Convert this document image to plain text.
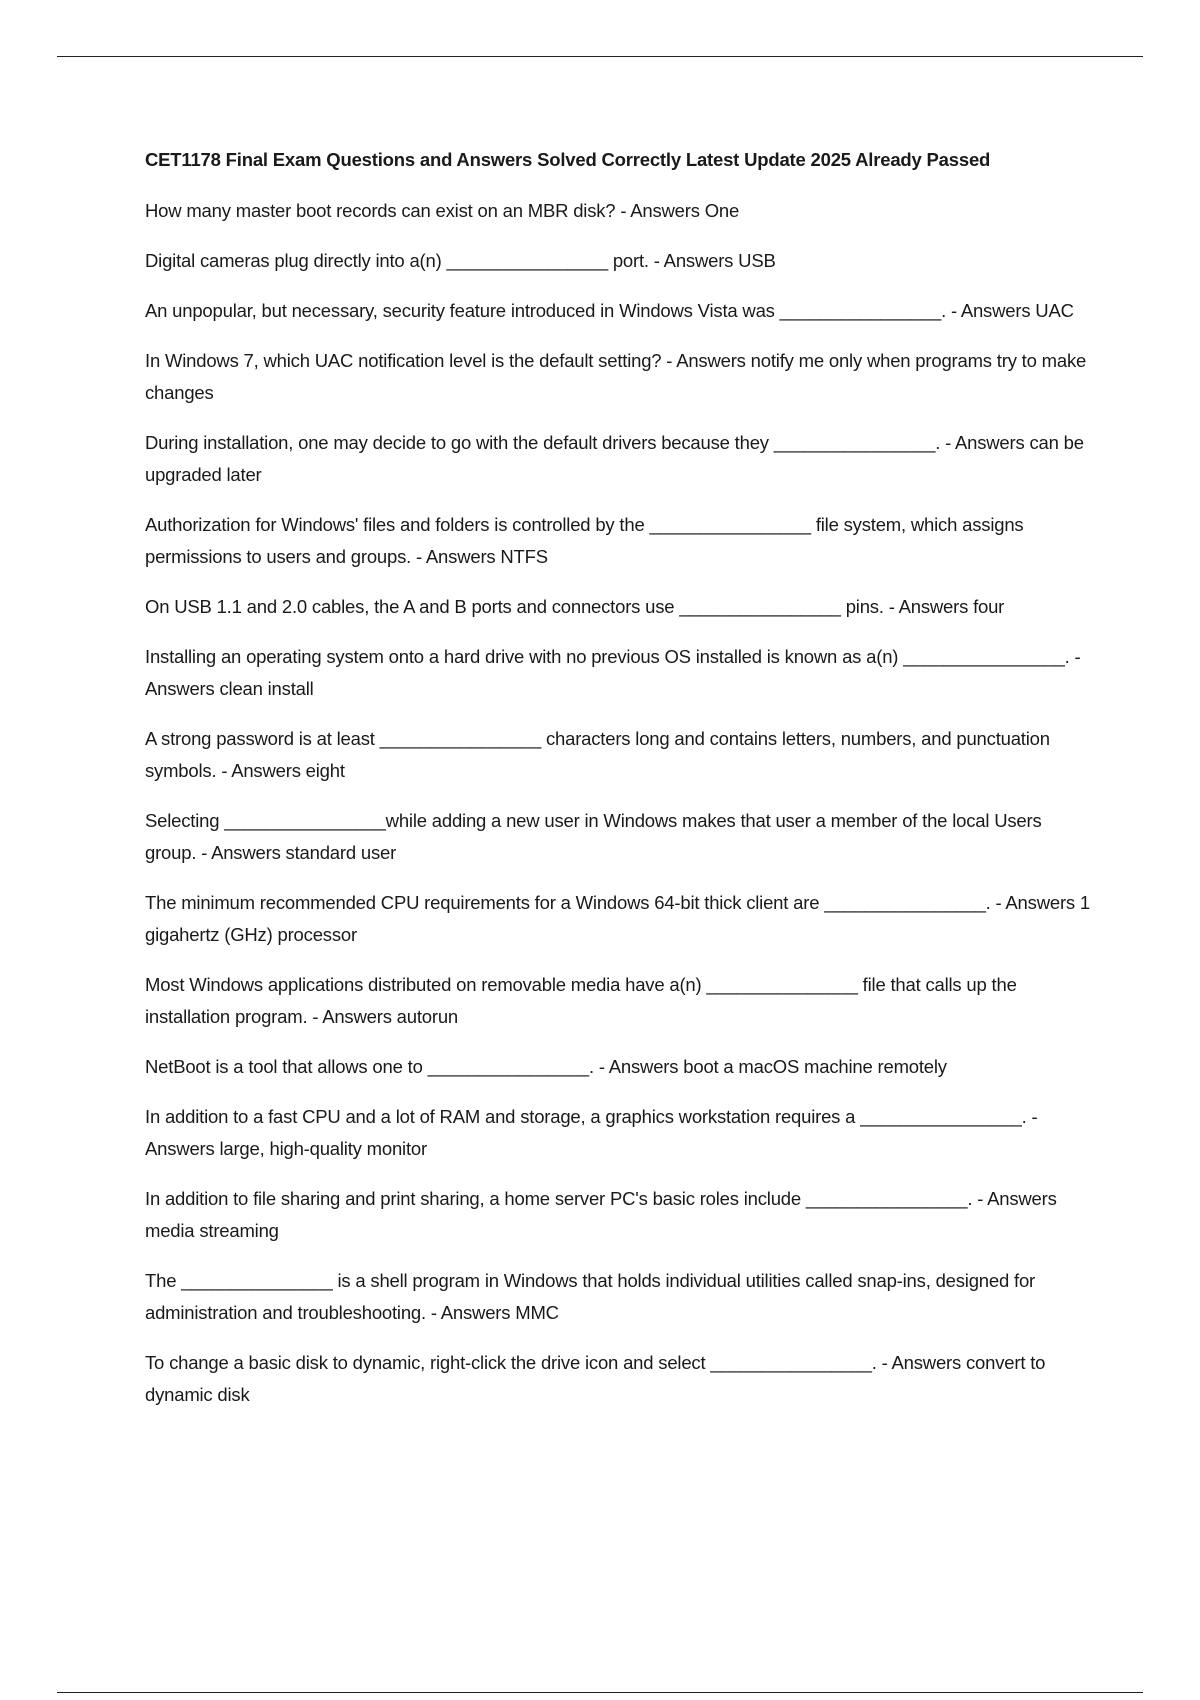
CET1178 Final Exam Questions and Answers Solved Correctly Latest Update 2025 Already Passed

How many master boot records can exist on an MBR disk? - Answers One

Digital cameras plug directly into a(n) ________________ port. - Answers USB

An unpopular, but necessary, security feature introduced in Windows Vista was ________________. - Answers UAC

In Windows 7, which UAC notification level is the default setting? - Answers notify me only when programs try to make changes

During installation, one may decide to go with the default drivers because they ________________. - Answers can be upgraded later

Authorization for Windows' files and folders is controlled by the ________________ file system, which assigns permissions to users and groups. - Answers NTFS

On USB 1.1 and 2.0 cables, the A and B ports and connectors use ________________ pins. - Answers four

Installing an operating system onto a hard drive with no previous OS installed is known as a(n) ________________. - Answers clean install

A strong password is at least ________________ characters long and contains letters, numbers, and punctuation symbols. - Answers eight

Selecting ________________while adding a new user in Windows makes that user a member of the local Users group. - Answers standard user

The minimum recommended CPU requirements for a Windows 64-bit thick client are ________________. - Answers 1 gigahertz (GHz) processor

Most Windows applications distributed on removable media have a(n) _______________ file that calls up the installation program. - Answers autorun

NetBoot is a tool that allows one to ________________. - Answers boot a macOS machine remotely

In addition to a fast CPU and a lot of RAM and storage, a graphics workstation requires a ________________. - Answers large, high-quality monitor

In addition to file sharing and print sharing, a home server PC's basic roles include ________________. - Answers media streaming

The _______________ is a shell program in Windows that holds individual utilities called snap-ins, designed for administration and troubleshooting. - Answers MMC

To change a basic disk to dynamic, right-click the drive icon and select ________________. - Answers convert to dynamic disk
